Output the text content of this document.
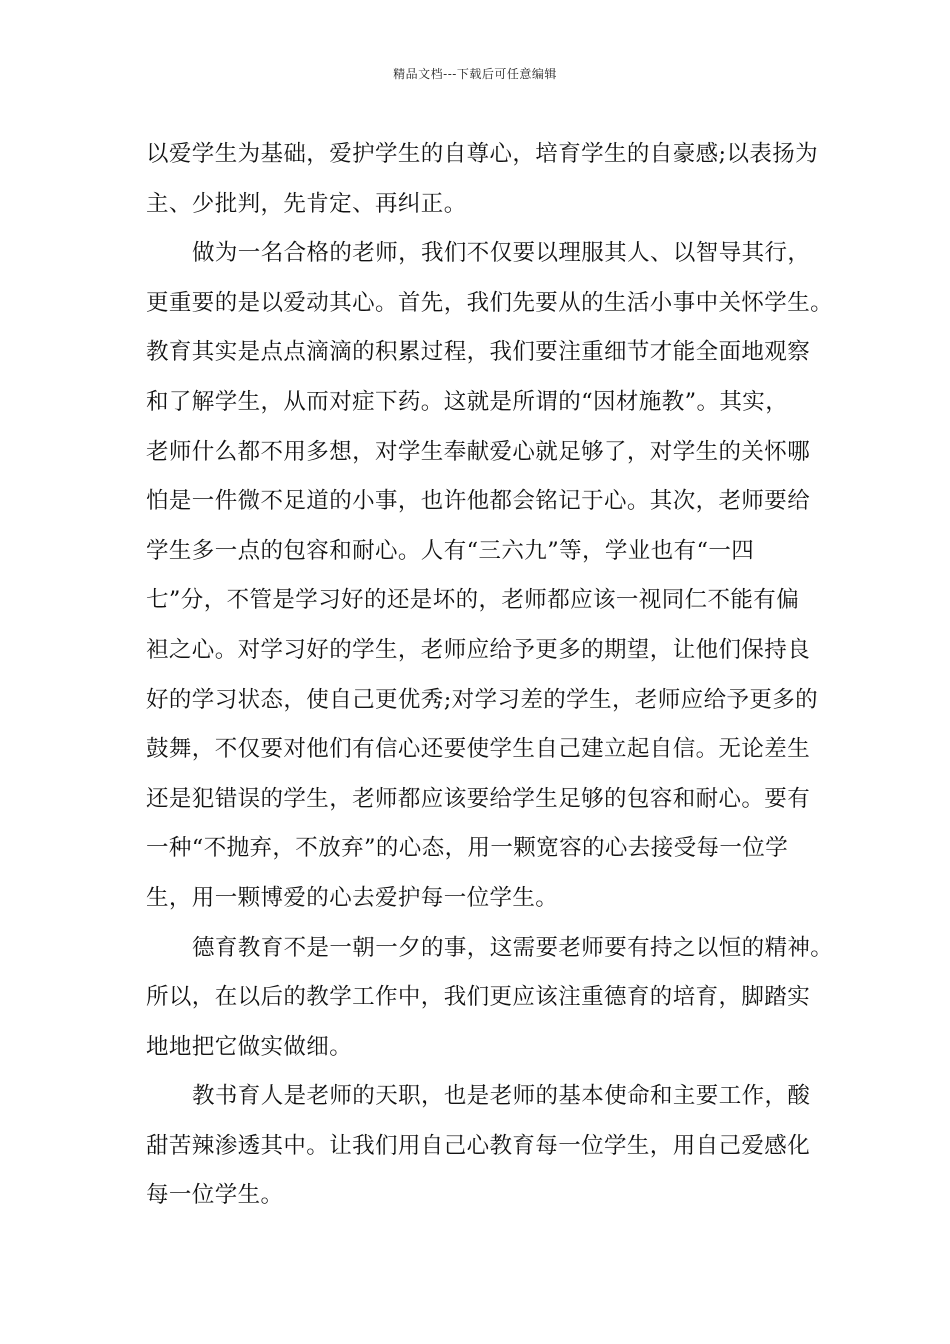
精品文档---下载后可任意编辑
以爱学生为基础，爱护学生的自尊心，培育学生的自豪感;以表扬为
主、少批判，先肯定、再纠正。
做为一名合格的老师，我们不仅要以理服其人、以智导其行，
更重要的是以爱动其心。首先，我们先要从的生活小事中关怀学生。
教育其实是点点滴滴的积累过程，我们要注重细节才能全面地观察
和了解学生，从而对症下药。这就是所谓的“因材施教”。其实，
老师什么都不用多想，对学生奉献爱心就足够了，对学生的关怀哪
怕是一件微不足道的小事，也许他都会铭记于心。其次，老师要给
学生多一点的包容和耐心。人有“三六九”等，学业也有“一四
七”分，不管是学习好的还是坏的，老师都应该一视同仁不能有偏
袒之心。对学习好的学生，老师应给予更多的期望，让他们保持良
好的学习状态，使自己更优秀;对学习差的学生，老师应给予更多的
鼓舞，不仅要对他们有信心还要使学生自己建立起自信。无论差生
还是犯错误的学生，老师都应该要给学生足够的包容和耐心。要有
一种“不抛弃，不放弃”的心态，用一颗宽容的心去接受每一位学
生，用一颗博爱的心去爱护每一位学生。
德育教育不是一朝一夕的事，这需要老师要有持之以恒的精神。
所以，在以后的教学工作中，我们更应该注重德育的培育，脚踏实
地地把它做实做细。
教书育人是老师的天职，也是老师的基本使命和主要工作，酸
甜苦辣渗透其中。让我们用自己心教育每一位学生，用自己爱感化
每一位学生。
